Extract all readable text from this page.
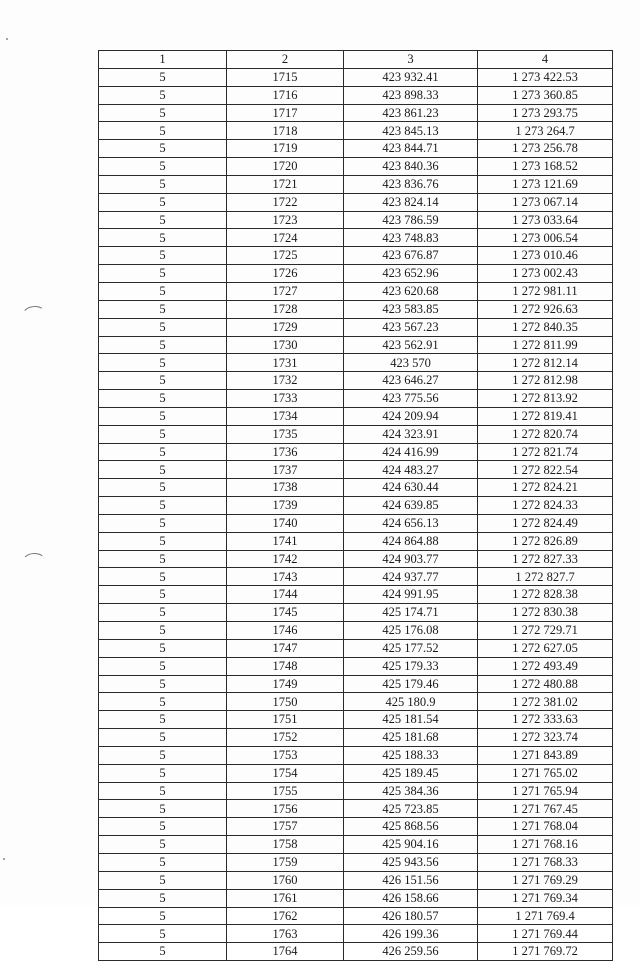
1	2	3	4
5	1715	423 932.41	1 273 422.53
5	1716	423 898.33	1 273 360.85
5	1717	423 861.23	1 273 293.75
5	1718	423 845.13	1 273 264.7
5	1719	423 844.71	1 273 256.78
5	1720	423 840.36	1 273 168.52
5	1721	423 836.76	1 273 121.69
5	1722	423 824.14	1 273 067.14
5	1723	423 786.59	1 273 033.64
5	1724	423 748.83	1 273 006.54
5	1725	423 676.87	1 273 010.46
5	1726	423 652.96	1 273 002.43
5	1727	423 620.68	1 272 981.11
5	1728	423 583.85	1 272 926.63
5	1729	423 567.23	1 272 840.35
5	1730	423 562.91	1 272 811.99
5	1731	423 570	1 272 812.14
5	1732	423 646.27	1 272 812.98
5	1733	423 775.56	1 272 813.92
5	1734	424 209.94	1 272 819.41
5	1735	424 323.91	1 272 820.74
5	1736	424 416.99	1 272 821.74
5	1737	424 483.27	1 272 822.54
5	1738	424 630.44	1 272 824.21
5	1739	424 639.85	1 272 824.33
5	1740	424 656.13	1 272 824.49
5	1741	424 864.88	1 272 826.89
5	1742	424 903.77	1 272 827.33
5	1743	424 937.77	1 272 827.7
5	1744	424 991.95	1 272 828.38
5	1745	425 174.71	1 272 830.38
5	1746	425 176.08	1 272 729.71
5	1747	425 177.52	1 272 627.05
5	1748	425 179.33	1 272 493.49
5	1749	425 179.46	1 272 480.88
5	1750	425 180.9	1 272 381.02
5	1751	425 181.54	1 272 333.63
5	1752	425 181.68	1 272 323.74
5	1753	425 188.33	1 271 843.89
5	1754	425 189.45	1 271 765.02
5	1755	425 384.36	1 271 765.94
5	1756	425 723.85	1 271 767.45
5	1757	425 868.56	1 271 768.04
5	1758	425 904.16	1 271 768.16
5	1759	425 943.56	1 271 768.33
5	1760	426 151.56	1 271 769.29
5	1761	426 158.66	1 271 769.34
5	1762	426 180.57	1 271 769.4
5	1763	426 199.36	1 271 769.44
5	1764	426 259.56	1 271 769.72
